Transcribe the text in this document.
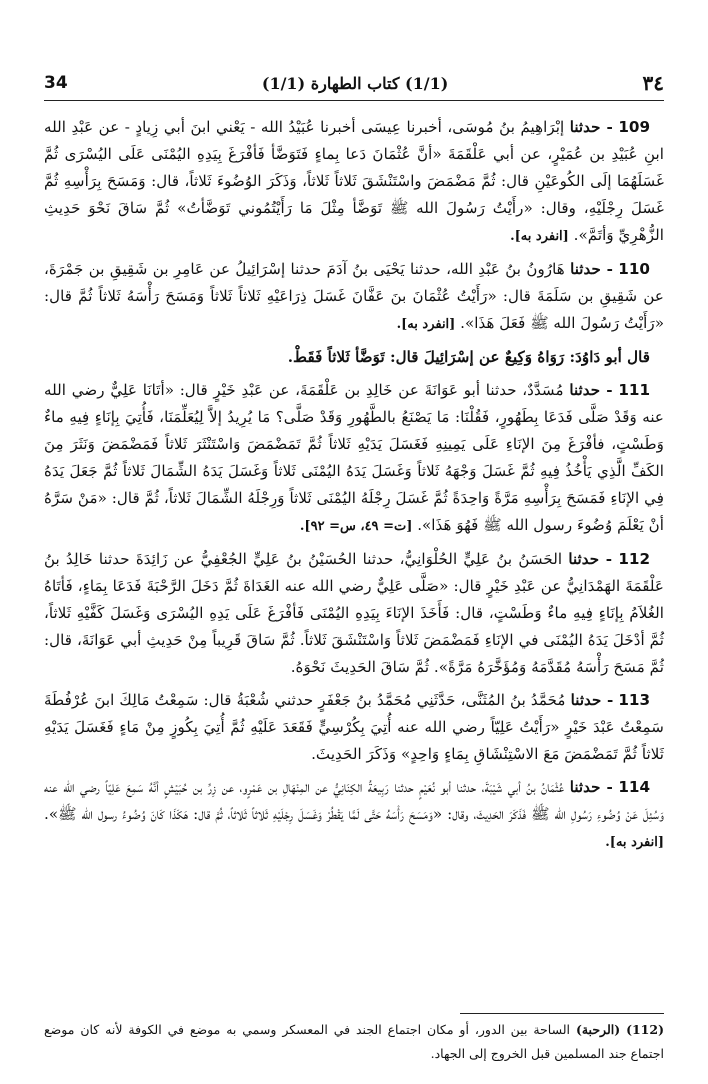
34	(1/1) كتاب الطهارة (1/1)	٣٤

109 - حدثنا إبْرَاهِيمُ بنُ مُوسَى، أخبرنا عِيسَى أخبرنا عُبَيْدُ الله - يَعْني ابنَ أبي زِيادٍ - عن عَبْدِ الله ابنِ عُبَيْدِ بن عُمَيْرٍ، عن أبي عَلْقَمَةَ «أنَّ عُثْمَانَ دَعا بِماءٍ فَتَوَضَّأ فَأفْرَغَ بِيَدِهِ اليُمْنَى عَلَى اليُسْرَى ثُمَّ غَسَلَهُمَا إلَى الكُوعَيْنِ قال: ثُمَّ مَضْمَضَ واسْتَنْشَقَ ثَلاثاً ثَلاثاً، وَذَكَرَ الوُضُوءَ ثَلاثاً، قال: وَمَسَحَ بِرَأْسِهِ ثُمَّ غَسَلَ رِجْلَيْهِ، وقال: «رأَيْتُ رَسُولَ الله ﷺ تَوَضَّأ مِثْلَ مَا رَأَيْتُمُوني تَوَضَّأتُ» ثُمَّ سَاقَ نَحْوَ حَدِيثِ الزُّهْرِيِّ وَأتَمَّ». [انفرد به].

110 - حدثنا هَارُونُ بنُ عَبْدِ الله، حدثنا يَحْيَى بنُ آدَمَ حدثنا إسْرَائِيلُ عن عَامِرِ بن شَقِيقِ بن جَمْرَةَ، عن شَقِيقِ بن سَلَمَةَ قال: «رَأَيْتُ عُثْمَانَ بنَ عَفَّانَ غَسَلَ ذِرَاعَيْهِ ثَلاثاً ثَلاثاً وَمَسَحَ رَأْسَهُ ثَلاثاً ثُمَّ قال: «رَأَيْتُ رَسُولَ الله ﷺ فَعَلَ هَذَا». [انفرد به].

قال أبو دَاوُدَ: رَوَاهُ وَكِيعٌ عن إسْرَائِيلَ قال: تَوَضَّأ ثَلاثاً فَقَطْ.

111 - حدثنا مُسَدَّدٌ، حدثنا أبو عَوَانَةَ عن خَالِدِ بن عَلْقَمَةَ، عن عَبْدِ خَيْرٍ قال: «أتَانَا عَلِيٌّ رضي الله عنه وَقَدْ صَلَّى فَدَعَا بِطَهُورٍ، فَقُلْنَا: مَا يَصْنَعُ بالطَّهُورِ وَقَدْ صَلَّى؟ مَا يُرِيدُ إلاَّ لِيُعَلِّمَنَا، فَأُتِيَ بِإنَاءٍ فِيهِ ماءٌ وَطَسْتٍ، فأفْرَغَ مِنَ الإنَاءِ عَلَى يَمِينِهِ فَغَسَلَ يَدَيْهِ ثَلاثاً ثُمَّ تَمَضْمَضَ وَاسْتَنْثَرَ ثَلاثاً فَمَضْمَضَ وَنَثَرَ مِنَ الكَفِّ الَّذِي يَأْخُذُ فِيهِ ثُمَّ غَسَلَ وَجْهَهُ ثَلاثاً وَغَسَلَ يَدَهُ اليُمْنَى ثَلاثاً وَغَسَلَ يَدَهُ الشِّمَالَ ثَلاثاً ثُمَّ جَعَلَ يَدَهُ فِي الإنَاءِ فَمَسَحَ بِرَأْسِهِ مَرَّةً وَاحِدَةً ثُمَّ غَسَلَ رِجْلَهُ اليُمْنَى ثَلاثاً وَرِجْلَهُ الشِّمَالَ ثَلاثاً، ثُمَّ قال: «مَنْ سَرَّهُ أنْ يَعْلَمَ وُضُوءَ رسول الله ﷺ فَهُوَ هَذَا». [ت= ٤٩، س= ٩٢].

112 - حدثنا الحَسَنُ بنُ عَلِيٍّ الحُلْوَانِيُّ، حدثنا الحُسَيْنُ بنُ عَلِيٍّ الجُعْفِيُّ عن زَائِدَةَ حدثنا خَالِدُ بنُ عَلْقَمَةَ الهَمْدَانِيُّ عن عَبْدِ خَيْرٍ قال: «صَلَّى عَلِيٌّ رضي الله عنه الغَدَاةَ ثُمَّ دَخَلَ الرَّحْبَةَ فَدَعَا بِمَاءٍ، فَأتَاهُ الغُلاَمُ بِإنَاءٍ فِيهِ ماءٌ وَطَسْتٍ، قال: فَأَخَذَ الإنَاءَ بِيَدِهِ اليُمْنَى فَأفْرَغَ عَلَى يَدِهِ اليُسْرَى وَغَسَلَ كَفَّيْهِ ثَلاثاً، ثُمَّ أدْخَلَ يَدَهُ اليُمْنَى في الإنَاءِ فَمَضْمَضَ ثَلاثاً وَاسْتَنْشَقَ ثَلاثاً. ثُمَّ سَاقَ قَرِيباً مِنْ حَدِيثِ أبي عَوَانَةَ، قال: ثُمَّ مَسَحَ رَأْسَهُ مُقَدَّمَهُ وَمُؤَخَّرَهُ مَرَّةً». ثُمَّ سَاقَ الحَدِيثَ نَحْوَهُ.

113 - حدثنا مُحَمَّدُ بنُ المُثَنَّى، حَدَّثَنِي مُحَمَّدُ بنُ جَعْفَرٍ حدثني شُعْبَةُ قال: سَمِعْتُ مَالِكَ ابنَ عُرْفُطَةَ سَمِعْتُ عَبْدَ خَيْرٍ «رَأَيْتُ عَلِيّاً رضي الله عنه أُتِيَ بِكُرْسِيٍّ فَقَعَدَ عَلَيْهِ ثُمَّ أُتِيَ بِكُوزٍ مِنْ مَاءٍ فَغَسَلَ يَدَيْهِ ثَلاثاً ثُمَّ تَمَضْمَضَ مَعَ الاسْتِنْشَاقِ بِمَاءٍ وَاحِدٍ» وَذَكَرَ الحَدِيثَ.

114 - حدثنا عُثْمَانُ بنُ أبي شَيْبَةَ، حدثنا أبو نُعَيْمٍ حدثنا رَبِيعَةُ الكِنَانِيُّ عن المِنْهَالِ بن عَمْرٍو، عن زِرِّ بن حُبَيْشٍ أنَّهُ سَمِعَ عَلِيّاً رضي الله عنه وَسُئِلَ عَنْ وُضُوءِ رَسُولِ الله ﷺ فَذَكَرَ الحَدِيثَ، وقال: «وَمَسَحَ رَأْسَهُ حَتَّى لَمَّا يَقْطُرْ وَغَسَلَ رِجْلَيْهِ ثَلاثاً ثَلاثاً، ثُمَّ قال: هَكَذَا كَانَ وُضُوءُ رسول الله ﷺ». [انفرد به].

(112) (الرحبة) الساحة بين الدور، أو مكان اجتماع الجند في المعسكر وسمي به موضع في الكوفة لأنه كان موضع اجتماع جند المسلمين قبل الخروج إلى الجهاد.
